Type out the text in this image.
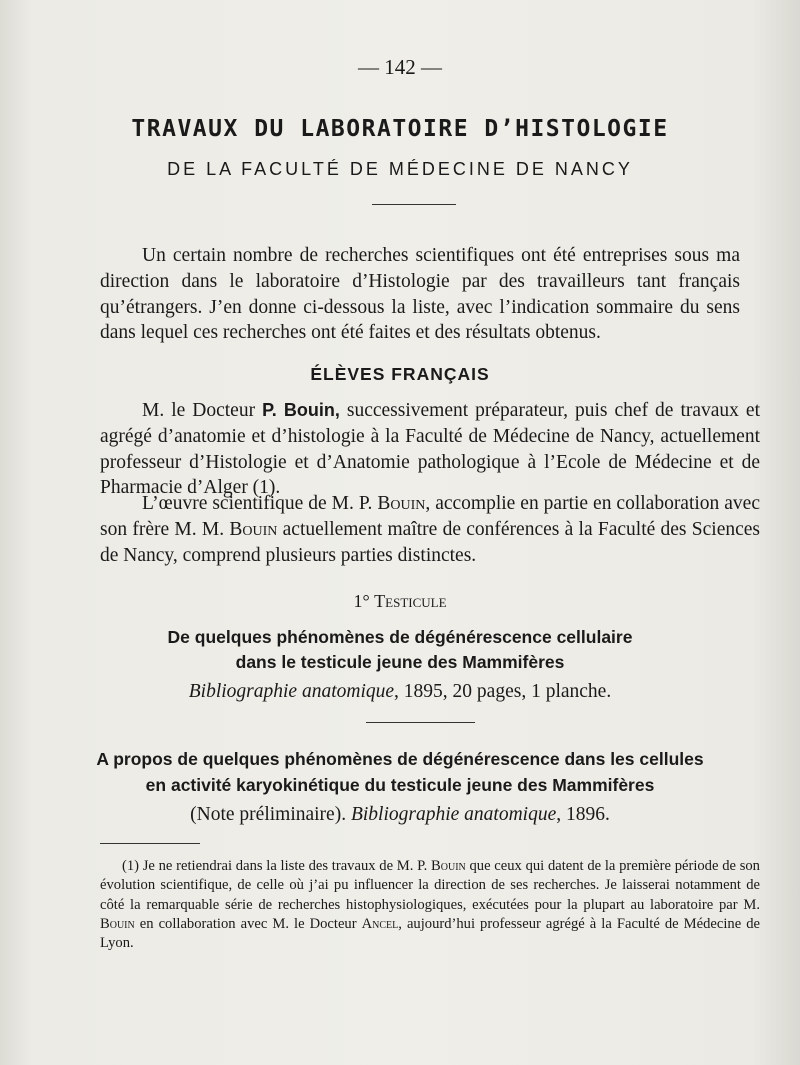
— 142 —
TRAVAUX DU LABORATOIRE D’HISTOLOGIE
DE LA FACULTÉ DE MÉDECINE DE NANCY

Un certain nombre de recherches scientifiques ont été entreprises sous ma direction dans le laboratoire d’Histologie par des travailleurs tant français qu’étrangers. J’en donne ci-dessous la liste, avec l’indication sommaire du sens dans lequel ces recherches ont été faites et des résultats obtenus.

ÉLÈVES FRANÇAIS

M. le Docteur P. Bouin, successivement préparateur, puis chef de travaux et agrégé d’anatomie et d’histologie à la Faculté de Médecine de Nancy, actuellement professeur d’Histologie et d’Anatomie pathologique à l’Ecole de Médecine et de Pharmacie d’Alger (1).

L’œuvre scientifique de M. P. Bouin, accomplie en partie en collaboration avec son frère M. M. Bouin actuellement maître de conférences à la Faculté des Sciences de Nancy, comprend plusieurs parties distinctes.

1° Testicule
De quelques phénomènes de dégénérescence cellulaire
dans le testicule jeune des Mammifères
Bibliographie anatomique, 1895, 20 pages, 1 planche.
A propos de quelques phénomènes de dégénérescence dans les cellules
en activité karyokinétique du testicule jeune des Mammifères
(Note préliminaire). Bibliographie anatomique, 1896.

(1) Je ne retiendrai dans la liste des travaux de M. P. Bouin que ceux qui datent de la première période de son évolution scientifique, de celle où j’ai pu influencer la direction de ses recherches. Je laisserai notamment de côté la remarquable série de recherches histophysiologiques, exécutées pour la plupart au laboratoire par M. Bouin en collaboration avec M. le Docteur Ancel, aujourd’hui professeur agrégé à la Faculté de Médecine de Lyon.
